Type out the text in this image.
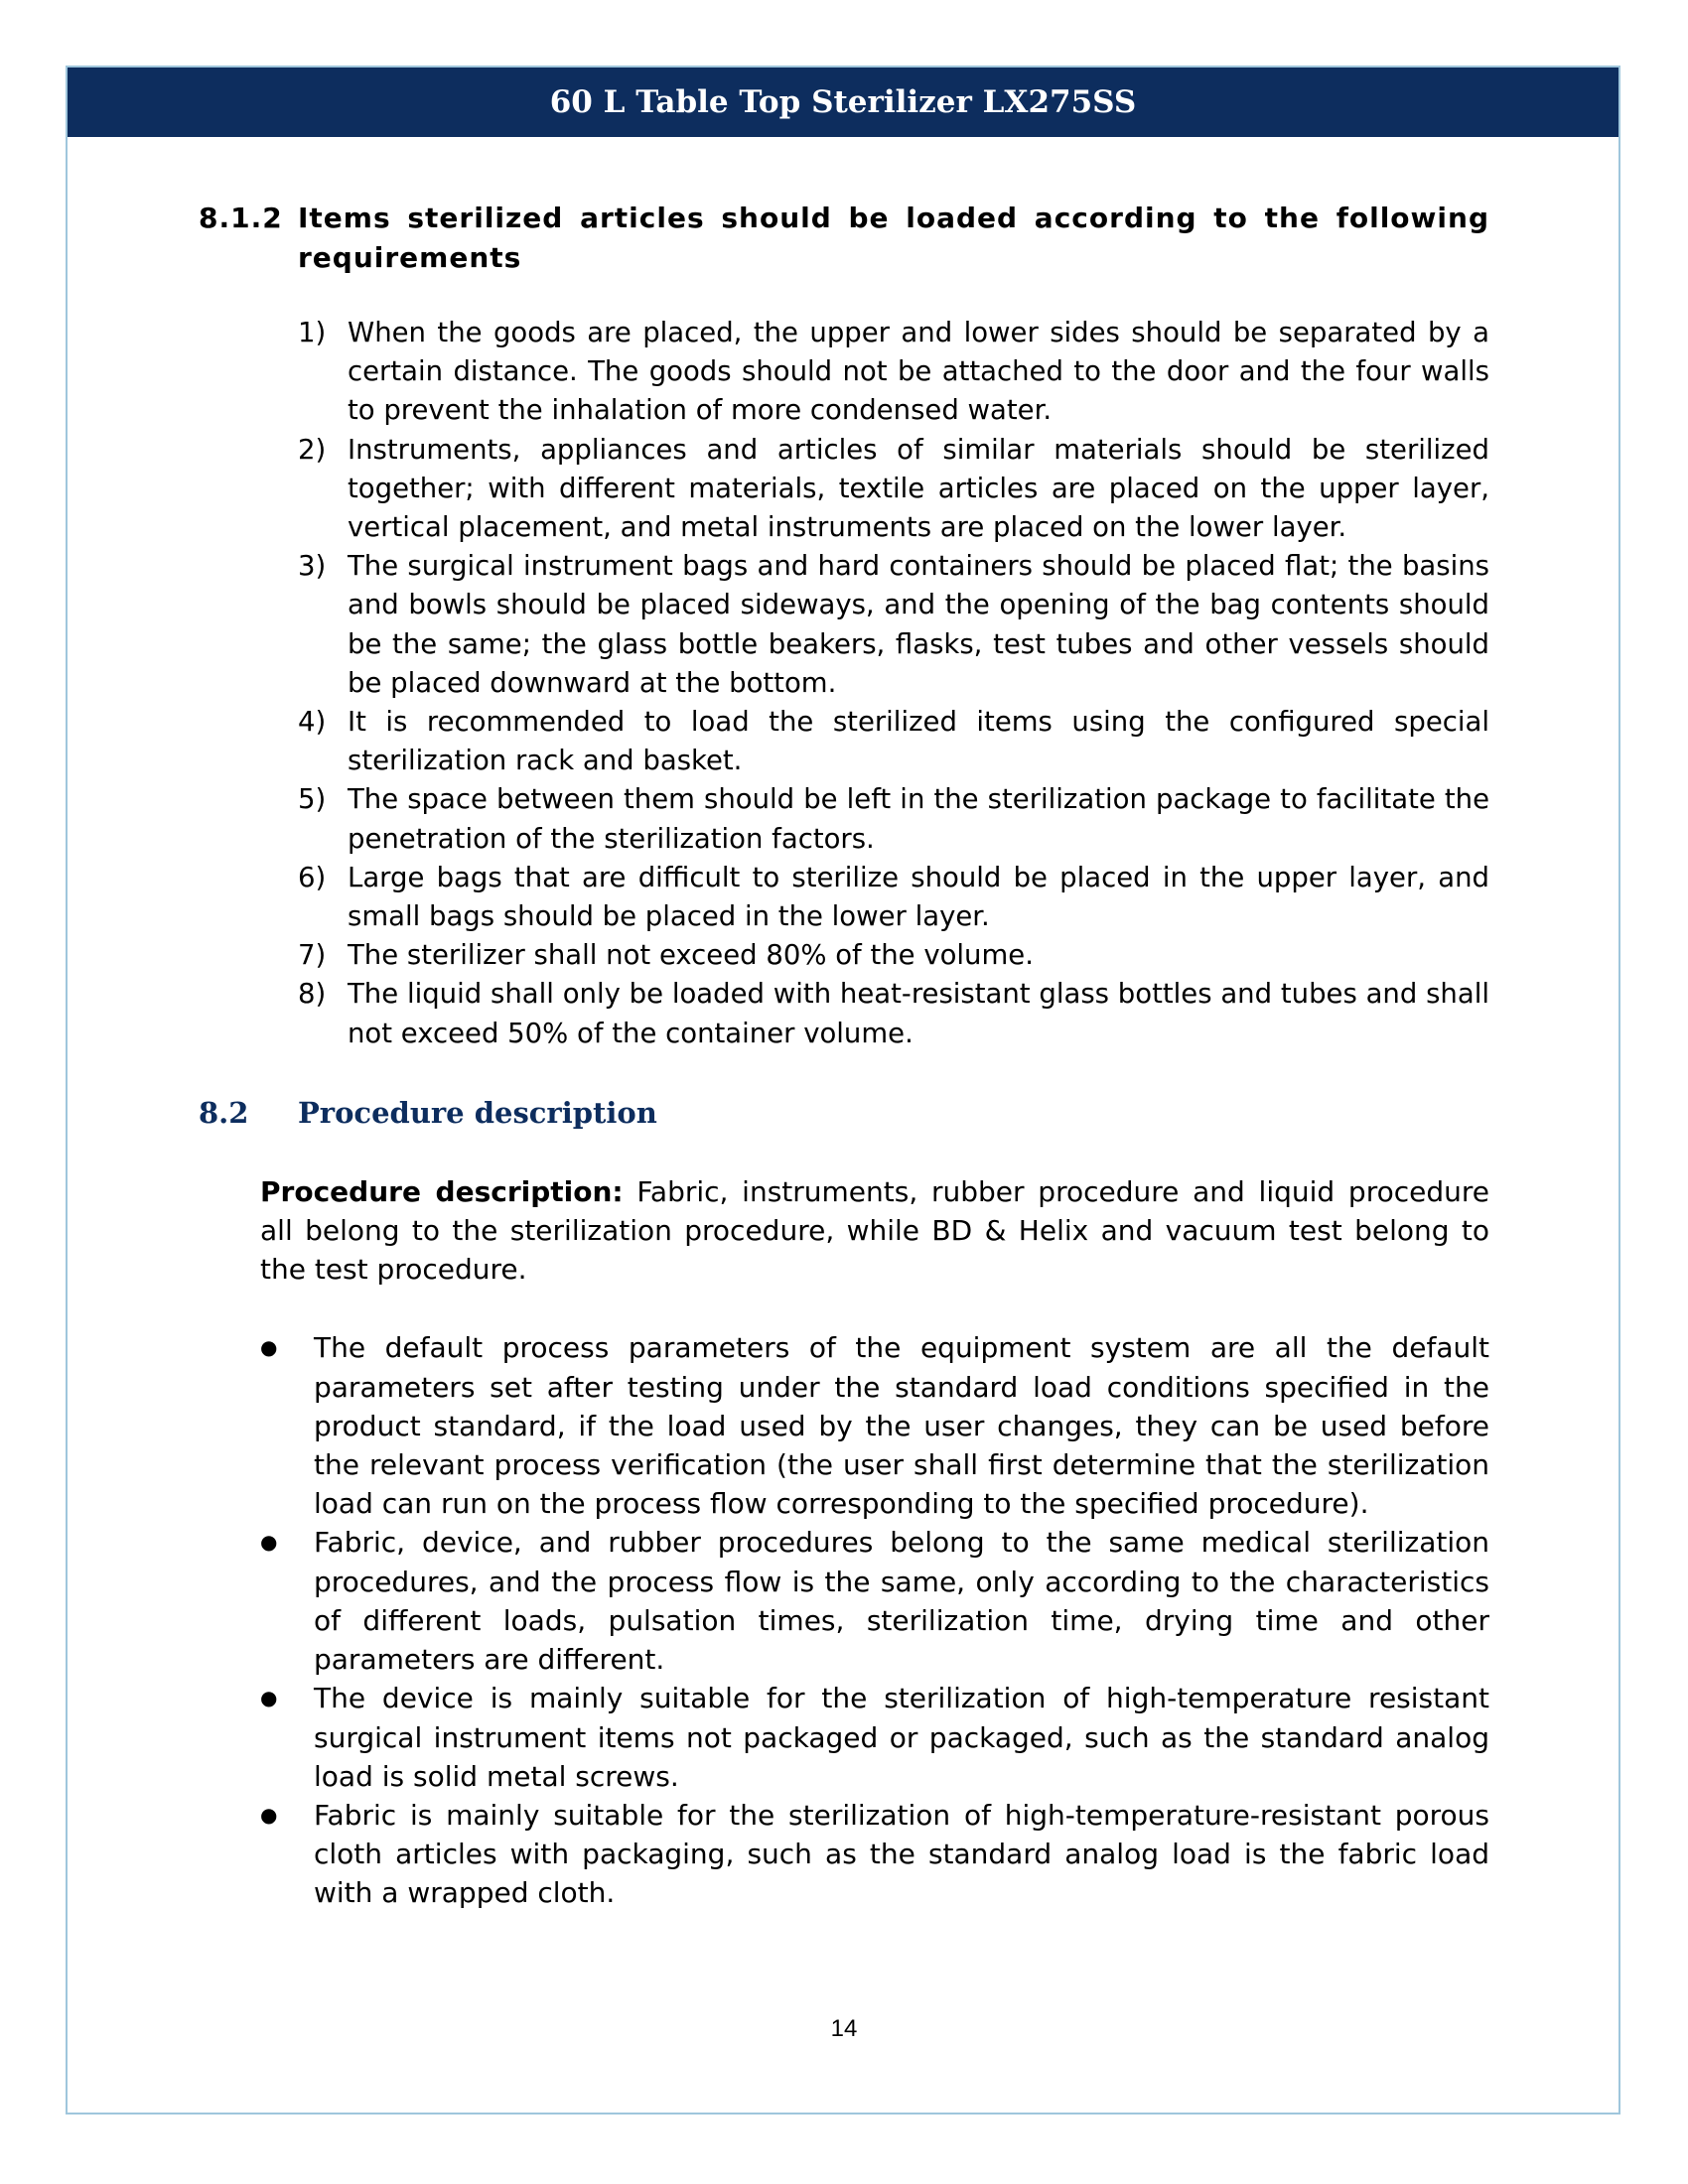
60 L Table Top Sterilizer LX275SS
8.1.2 Items sterilized articles should be loaded according to the following requirements
1) When the goods are placed, the upper and lower sides should be separated by a certain distance. The goods should not be attached to the door and the four walls to prevent the inhalation of more condensed water.
2) Instruments, appliances and articles of similar materials should be sterilized together; with different materials, textile articles are placed on the upper layer, vertical placement, and metal instruments are placed on the lower layer.
3) The surgical instrument bags and hard containers should be placed flat; the basins and bowls should be placed sideways, and the opening of the bag contents should be the same; the glass bottle beakers, flasks, test tubes and other vessels should be placed downward at the bottom.
4) It is recommended to load the sterilized items using the configured special sterilization rack and basket.
5) The space between them should be left in the sterilization package to facilitate the penetration of the sterilization factors.
6) Large bags that are difficult to sterilize should be placed in the upper layer, and small bags should be placed in the lower layer.
7) The sterilizer shall not exceed 80% of the volume.
8) The liquid shall only be loaded with heat-resistant glass bottles and tubes and shall not exceed 50% of the container volume.
8.2	Procedure description

Procedure description: Fabric, instruments, rubber procedure and liquid procedure all belong to the sterilization procedure, while BD & Helix and vacuum test belong to the test procedure.

●	The default process parameters of the equipment system are all the default parameters set after testing under the standard load conditions specified in the product standard, if the load used by the user changes, they can be used before the relevant process verification (the user shall first determine that the sterilization load can run on the process flow corresponding to the specified procedure).
●	Fabric, device, and rubber procedures belong to the same medical sterilization procedures, and the process flow is the same, only according to the characteristics of different loads, pulsation times, sterilization time, drying time and other parameters are different.
●	The device is mainly suitable for the sterilization of high-temperature resistant surgical instrument items not packaged or packaged, such as the standard analog load is solid metal screws.
●	Fabric is mainly suitable for the sterilization of high-temperature-resistant porous cloth articles with packaging, such as the standard analog load is the fabric load with a wrapped cloth.
14
